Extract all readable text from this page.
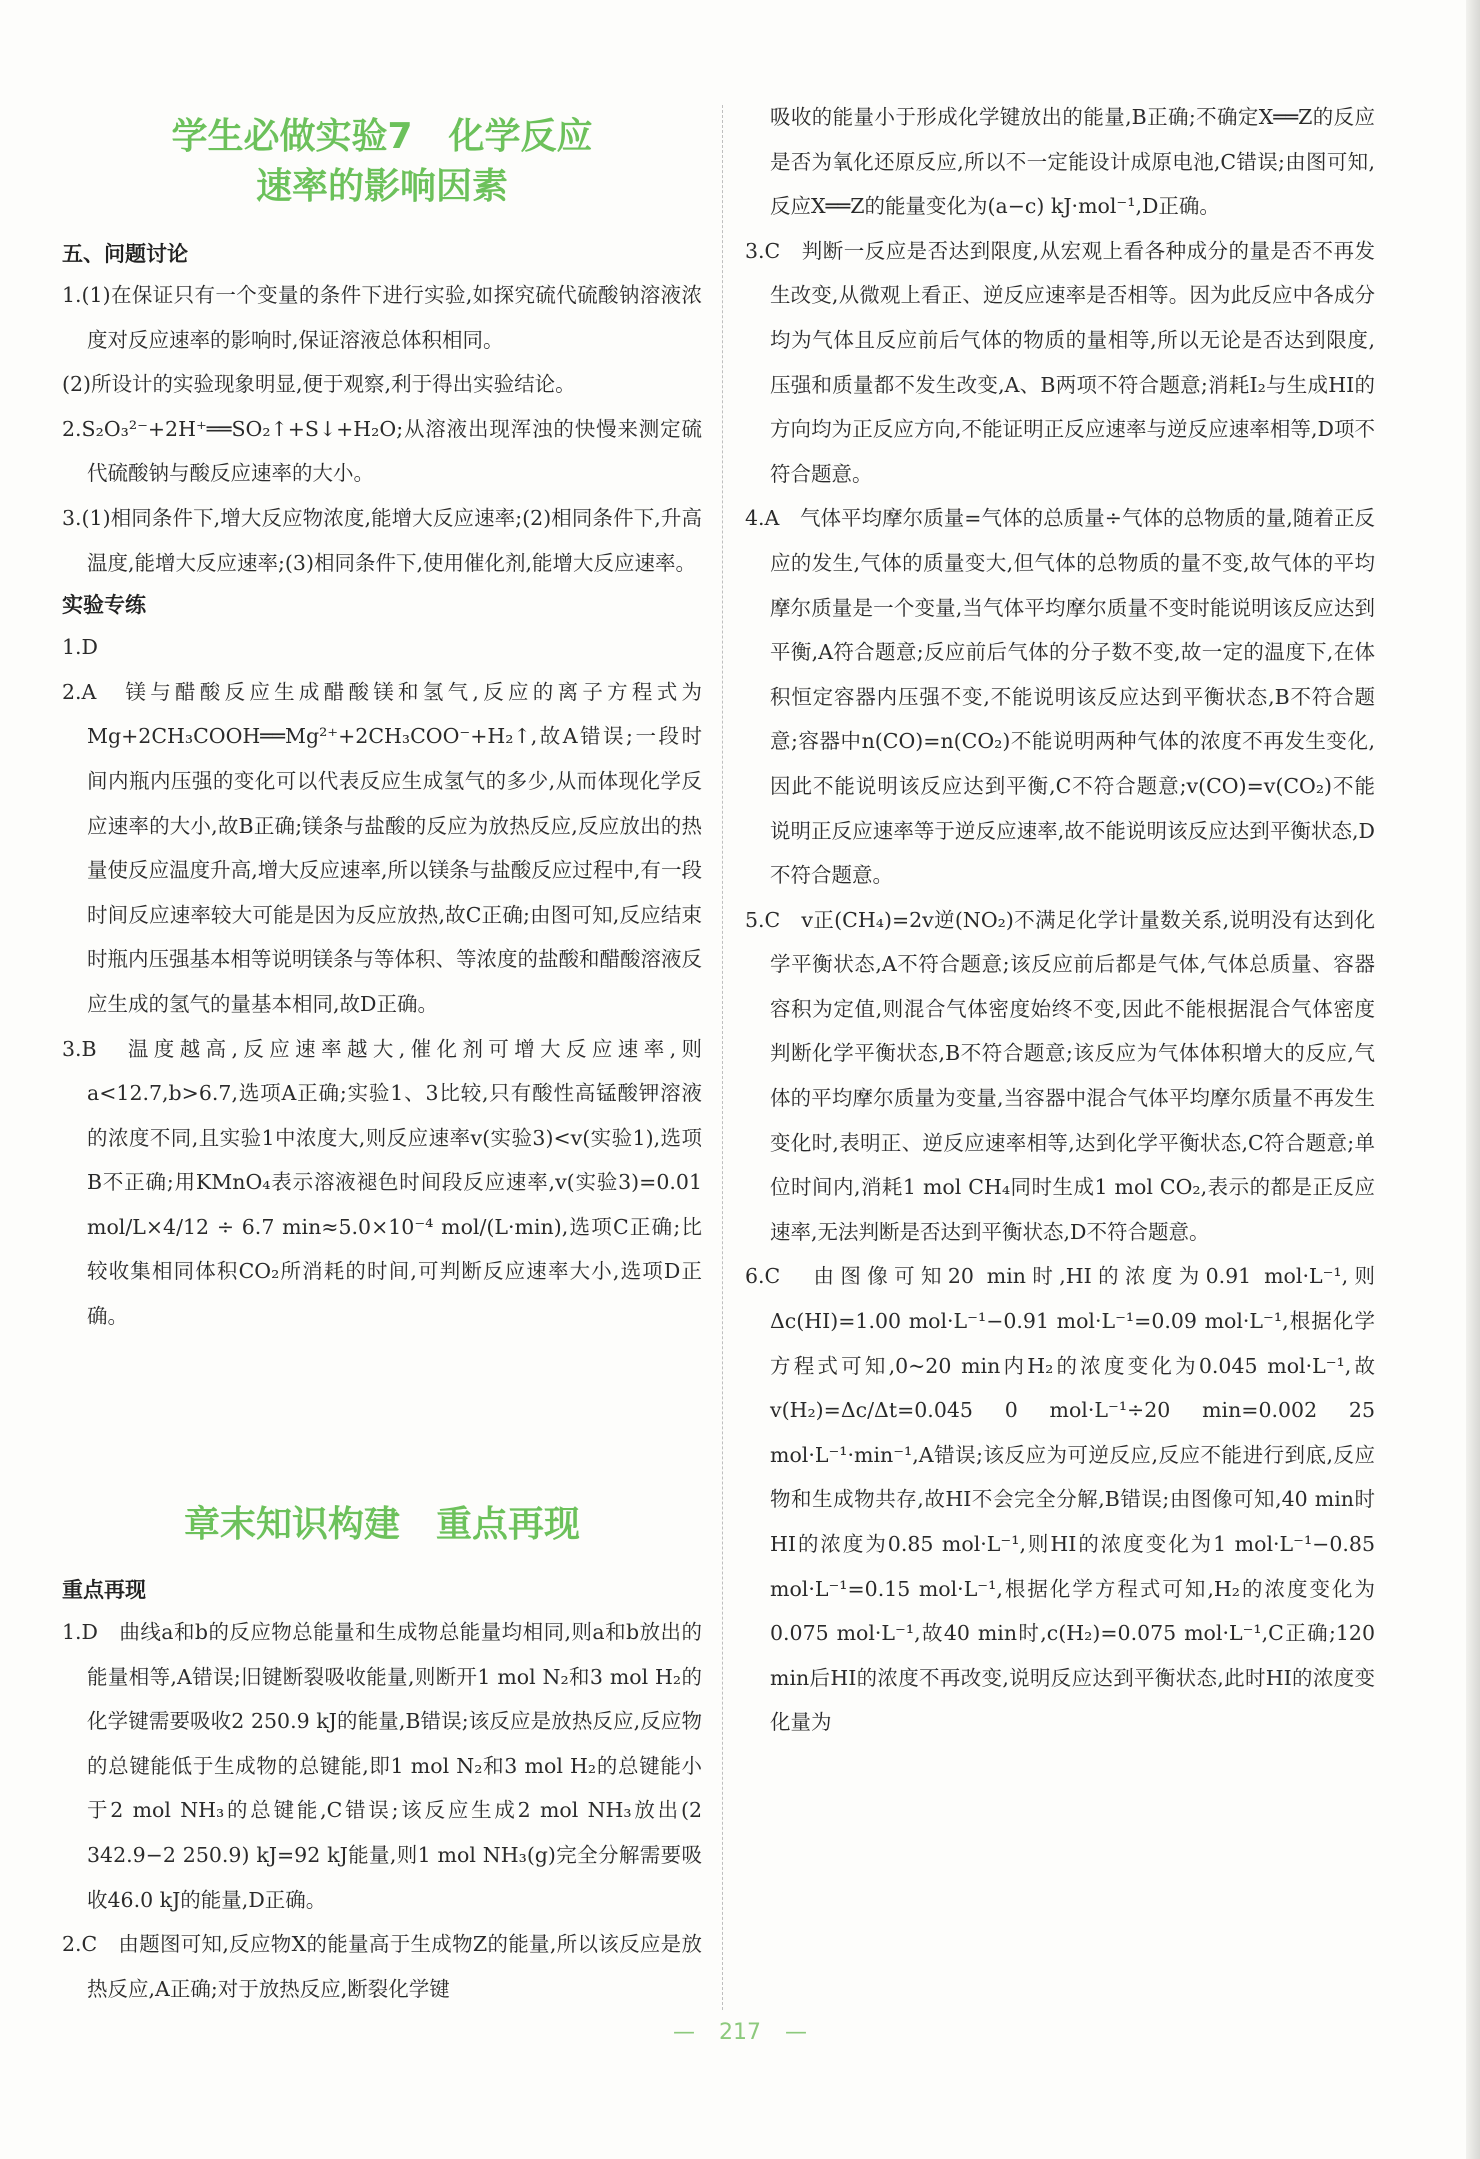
学生必做实验7　化学反应
速率的影响因素
五、问题讨论
1.(1)在保证只有一个变量的条件下进行实验,如探究硫代硫酸钠溶液浓度对反应速率的影响时,保证溶液总体积相同。
(2)所设计的实验现象明显,便于观察,利于得出实验结论。
2.S₂O₃²⁻+2H⁺══SO₂↑+S↓+H₂O;从溶液出现浑浊的快慢来测定硫代硫酸钠与酸反应速率的大小。
3.(1)相同条件下,增大反应物浓度,能增大反应速率;(2)相同条件下,升高温度,能增大反应速率;(3)相同条件下,使用催化剂,能增大反应速率。
实验专练
1.D
2.A　镁与醋酸反应生成醋酸镁和氢气,反应的离子方程式为Mg+2CH₃COOH══Mg²⁺+2CH₃COO⁻+H₂↑,故A错误;一段时间内瓶内压强的变化可以代表反应生成氢气的多少,从而体现化学反应速率的大小,故B正确;镁条与盐酸的反应为放热反应,反应放出的热量使反应温度升高,增大反应速率,所以镁条与盐酸反应过程中,有一段时间反应速率较大可能是因为反应放热,故C正确;由图可知,反应结束时瓶内压强基本相等说明镁条与等体积、等浓度的盐酸和醋酸溶液反应生成的氢气的量基本相同,故D正确。
3.B　温度越高,反应速率越大,催化剂可增大反应速率,则a<12.7,b>6.7,选项A正确;实验1、3比较,只有酸性高锰酸钾溶液的浓度不同,且实验1中浓度大,则反应速率v(实验3)<v(实验1),选项B不正确;用KMnO₄表示溶液褪色时间段反应速率,v(实验3)=0.01 mol/L×4/12 ÷ 6.7 min≈5.0×10⁻⁴ mol/(L·min),选项C正确;比较收集相同体积CO₂所消耗的时间,可判断反应速率大小,选项D正确。
章末知识构建　重点再现
重点再现
1.D　曲线a和b的反应物总能量和生成物总能量均相同,则a和b放出的能量相等,A错误;旧键断裂吸收能量,则断开1 mol N₂和3 mol H₂的化学键需要吸收2 250.9 kJ的能量,B错误;该反应是放热反应,反应物的总键能低于生成物的总键能,即1 mol N₂和3 mol H₂的总键能小于2 mol NH₃的总键能,C错误;该反应生成2 mol NH₃放出(2 342.9−2 250.9) kJ=92 kJ能量,则1 mol NH₃(g)完全分解需要吸收46.0 kJ的能量,D正确。
2.C　由题图可知,反应物X的能量高于生成物Z的能量,所以该反应是放热反应,A正确;对于放热反应,断裂化学键
吸收的能量小于形成化学键放出的能量,B正确;不确定X══Z的反应是否为氧化还原反应,所以不一定能设计成原电池,C错误;由图可知,反应X══Z的能量变化为(a−c) kJ·mol⁻¹,D正确。
3.C　判断一反应是否达到限度,从宏观上看各种成分的量是否不再发生改变,从微观上看正、逆反应速率是否相等。因为此反应中各成分均为气体且反应前后气体的物质的量相等,所以无论是否达到限度,压强和质量都不发生改变,A、B两项不符合题意;消耗I₂与生成HI的方向均为正反应方向,不能证明正反应速率与逆反应速率相等,D项不符合题意。
4.A　气体平均摩尔质量=气体的总质量÷气体的总物质的量,随着正反应的发生,气体的质量变大,但气体的总物质的量不变,故气体的平均摩尔质量是一个变量,当气体平均摩尔质量不变时能说明该反应达到平衡,A符合题意;反应前后气体的分子数不变,故一定的温度下,在体积恒定容器内压强不变,不能说明该反应达到平衡状态,B不符合题意;容器中n(CO)=n(CO₂)不能说明两种气体的浓度不再发生变化,因此不能说明该反应达到平衡,C不符合题意;v(CO)=v(CO₂)不能说明正反应速率等于逆反应速率,故不能说明该反应达到平衡状态,D不符合题意。
5.C　v正(CH₄)=2v逆(NO₂)不满足化学计量数关系,说明没有达到化学平衡状态,A不符合题意;该反应前后都是气体,气体总质量、容器容积为定值,则混合气体密度始终不变,因此不能根据混合气体密度判断化学平衡状态,B不符合题意;该反应为气体体积增大的反应,气体的平均摩尔质量为变量,当容器中混合气体平均摩尔质量不再发生变化时,表明正、逆反应速率相等,达到化学平衡状态,C符合题意;单位时间内,消耗1 mol CH₄同时生成1 mol CO₂,表示的都是正反应速率,无法判断是否达到平衡状态,D不符合题意。
6.C　由图像可知20 min时,HI的浓度为0.91 mol·L⁻¹,则Δc(HI)=1.00 mol·L⁻¹−0.91 mol·L⁻¹=0.09 mol·L⁻¹,根据化学方程式可知,0~20 min内H₂的浓度变化为0.045 mol·L⁻¹,故v(H₂)=Δc/Δt=0.045 0 mol·L⁻¹÷20 min=0.002 25 mol·L⁻¹·min⁻¹,A错误;该反应为可逆反应,反应不能进行到底,反应物和生成物共存,故HI不会完全分解,B错误;由图像可知,40 min时HI的浓度为0.85 mol·L⁻¹,则HI的浓度变化为1 mol·L⁻¹−0.85 mol·L⁻¹=0.15 mol·L⁻¹,根据化学方程式可知,H₂的浓度变化为0.075 mol·L⁻¹,故40 min时,c(H₂)=0.075 mol·L⁻¹,C正确;120 min后HI的浓度不再改变,说明反应达到平衡状态,此时HI的浓度变化量为
— 217 —
